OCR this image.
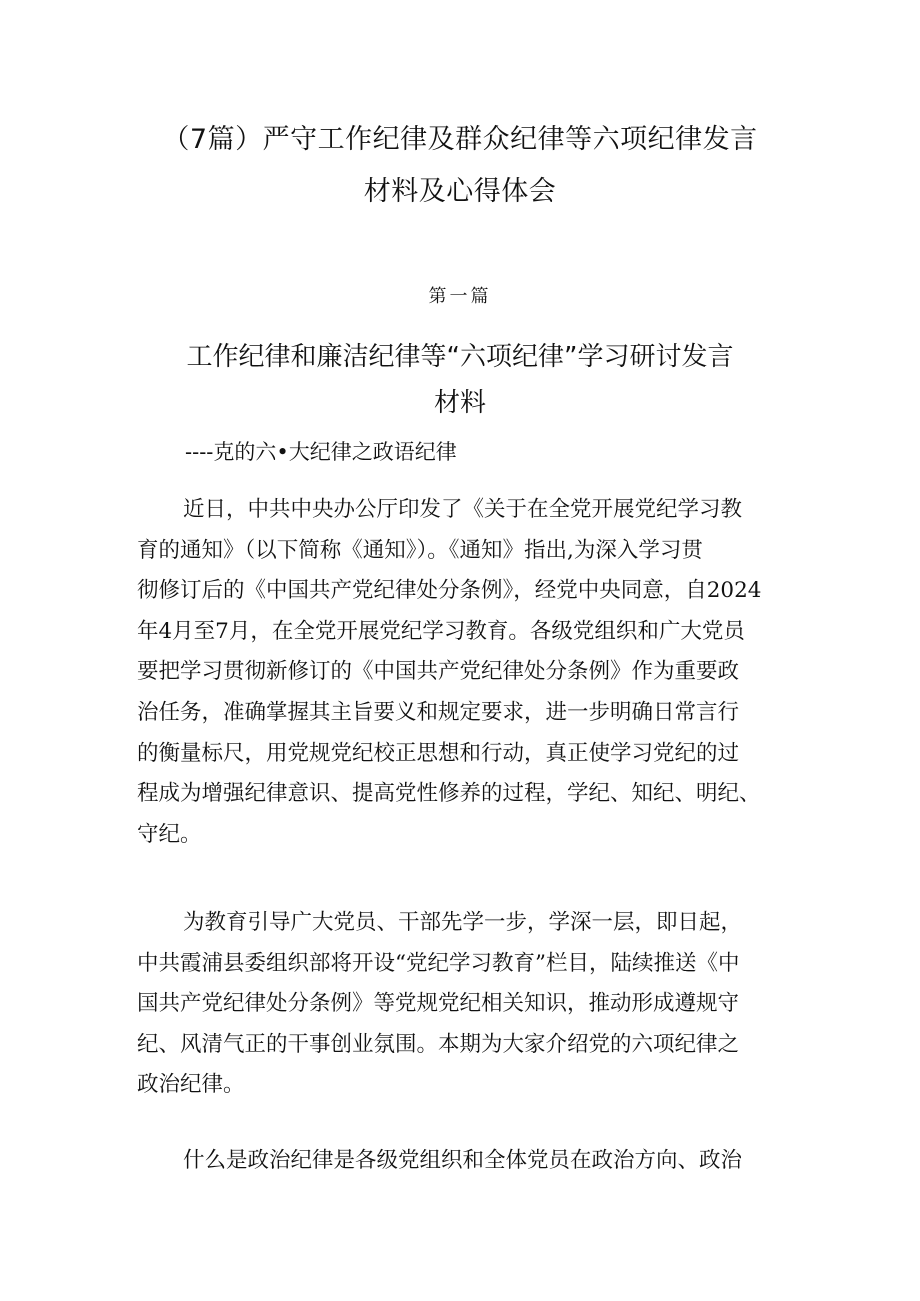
（7篇）严守工作纪律及群众纪律等六项纪律发言
材料及心得体会
第一篇
工作纪律和廉洁纪律等“六项纪律”学习研讨发言
材料
----克的六•大纪律之政语纪律

近日，中共中央办公厅印发了《关于在全党开展党纪学习教
育的通知》（以下简称《通知》）。《通知》指出,为深入学习贯
彻修订后的《中国共产党纪律处分条例》，经党中央同意，自2024
年4月至7月，在全党开展党纪学习教育。各级党组织和广大党员
要把学习贯彻新修订的《中国共产党纪律处分条例》作为重要政
治任务，准确掌握其主旨要义和规定要求，进一步明确日常言行
的衡量标尺，用党规党纪校正思想和行动，真正使学习党纪的过
程成为增强纪律意识、提高党性修养的过程，学纪、知纪、明纪、
守纪。

为教育引导广大党员、干部先学一步，学深一层，即日起，
中共霞浦县委组织部将开设“党纪学习教育”栏目，陆续推送《中
国共产党纪律处分条例》等党规党纪相关知识，推动形成遵规守
纪、风清气正的干事创业氛围。本期为大家介绍党的六项纪律之
政治纪律。

什么是政治纪律是各级党组织和全体党员在政治方向、政治
